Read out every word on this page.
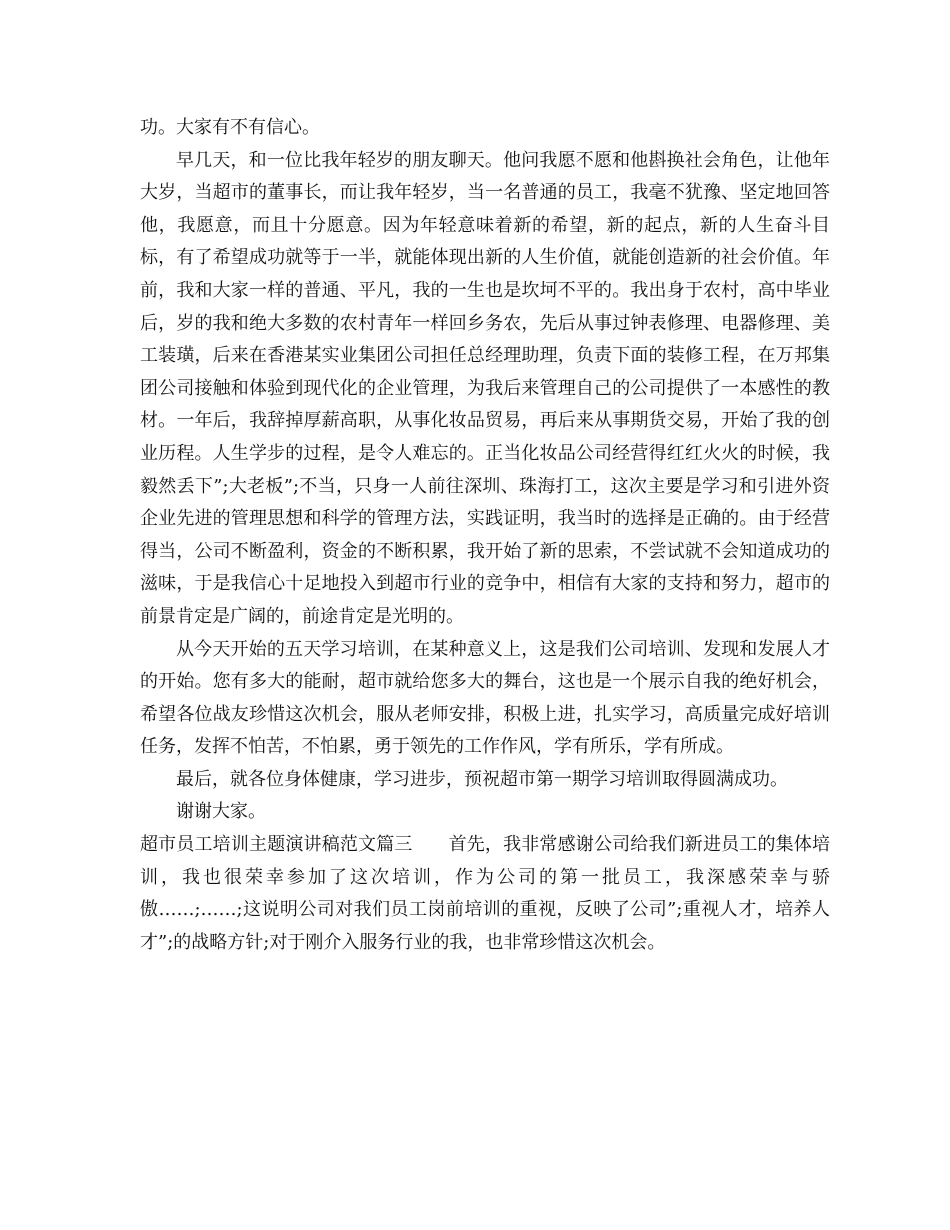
功。大家有不有信心。

早几天，和一位比我年轻岁的朋友聊天。他问我愿不愿和他斟换社会角色，让他年大岁，当超市的董事长，而让我年轻岁，当一名普通的员工，我毫不犹豫、坚定地回答他，我愿意，而且十分愿意。因为年轻意味着新的希望，新的起点，新的人生奋斗目标，有了希望成功就等于一半，就能体现出新的人生价值，就能创造新的社会价值。年前，我和大家一样的普通、平凡，我的一生也是坎坷不平的。我出身于农村，高中毕业后，岁的我和绝大多数的农村青年一样回乡务农，先后从事过钟表修理、电器修理、美工装璜，后来在香港某实业集团公司担任总经理助理，负责下面的装修工程，在万邦集团公司接触和体验到现代化的企业管理，为我后来管理自己的公司提供了一本感性的教材。一年后，我辞掉厚薪高职，从事化妆品贸易，再后来从事期货交易，开始了我的创业历程。人生学步的过程，是令人难忘的。正当化妆品公司经营得红红火火的时候，我毅然丢下”;大老板”;不当，只身一人前往深圳、珠海打工，这次主要是学习和引进外资企业先进的管理思想和科学的管理方法，实践证明，我当时的选择是正确的。由于经营得当，公司不断盈利，资金的不断积累，我开始了新的思索，不尝试就不会知道成功的滋味，于是我信心十足地投入到超市行业的竞争中，相信有大家的支持和努力，超市的前景肯定是广阔的，前途肯定是光明的。

从今天开始的五天学习培训，在某种意义上，这是我们公司培训、发现和发展人才的开始。您有多大的能耐，超市就给您多大的舞台，这也是一个展示自我的绝好机会，希望各位战友珍惜这次机会，服从老师安排，积极上进，扎实学习，高质量完成好培训任务，发挥不怕苦，不怕累，勇于领先的工作作风，学有所乐，学有所成。

最后，就各位身体健康，学习进步，预祝超市第一期学习培训取得圆满成功。

谢谢大家。

超市员工培训主题演讲稿范文篇三 首先，我非常感谢公司给我们新进员工的集体培训，我也很荣幸参加了这次培训，作为公司的第一批员工，我深感荣幸与骄傲……;……;这说明公司对我们员工岗前培训的重视，反映了公司”;重视人才，培养人才”;的战略方针;对于刚介入服务行业的我，也非常珍惜这次机会。
